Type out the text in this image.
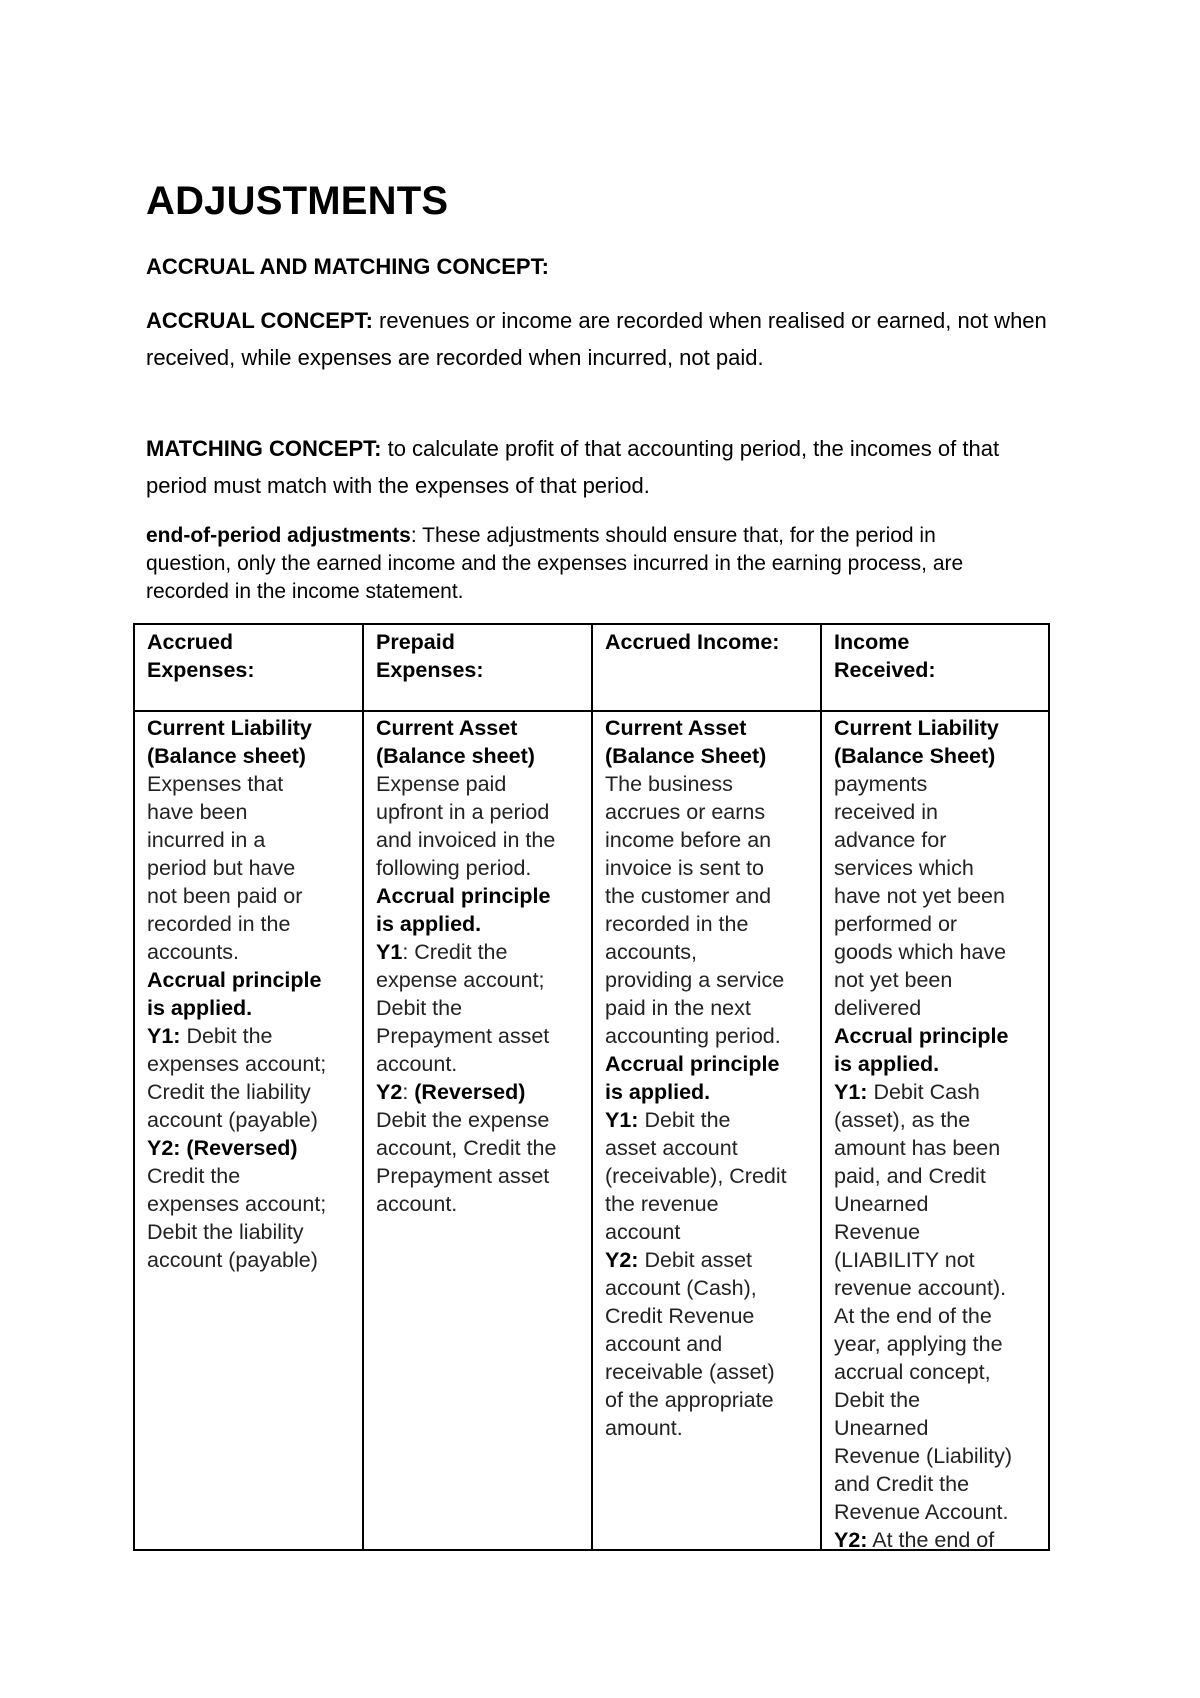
ADJUSTMENTS

ACCRUAL AND MATCHING CONCEPT:

ACCRUAL CONCEPT: revenues or income are recorded when realised or earned, not when received, while expenses are recorded when incurred, not paid.

MATCHING CONCEPT: to calculate profit of that accounting period, the incomes of that period must match with the expenses of that period.

end-of-period adjustments: These adjustments should ensure that, for the period in question, only the earned income and the expenses incurred in the earning process, are recorded in the income statement.

Accrued
Expenses:
Prepaid
Expenses:
Accrued Income:	Income
Received:
Current Liability
(Balance sheet)
Expenses that
have been
incurred in a
period but have
not been paid or
recorded in the
accounts.
Accrual principle
is applied.
Y1: Debit the
expenses account;
Credit the liability
account (payable)
Y2: (Reversed)
Credit the
expenses account;
Debit the liability
account (payable)
Current Asset
(Balance sheet)
Expense paid
upfront in a period
and invoiced in the
following period.
Accrual principle
is applied.
Y1: Credit the
expense account;
Debit the
Prepayment asset
account.
Y2: (Reversed)
Debit the expense
account, Credit the
Prepayment asset
account.
Current Asset
(Balance Sheet)
The business
accrues or earns
income before an
invoice is sent to
the customer and
recorded in the
accounts,
providing a service
paid in the next
accounting period.
Accrual principle
is applied.
Y1: Debit the
asset account
(receivable), Credit
the revenue
account
Y2: Debit asset
account (Cash),
Credit Revenue
account and
receivable (asset)
of the appropriate
amount.
Current Liability
(Balance Sheet)
payments
received in
advance for
services which
have not yet been
performed or
goods which have
not yet been
delivered
Accrual principle
is applied.
Y1: Debit Cash
(asset), as the
amount has been
paid, and Credit
Unearned
Revenue
(LIABILITY not
revenue account).
At the end of the
year, applying the
accrual concept,
Debit the
Unearned
Revenue (Liability)
and Credit the
Revenue Account.
Y2: At the end of
